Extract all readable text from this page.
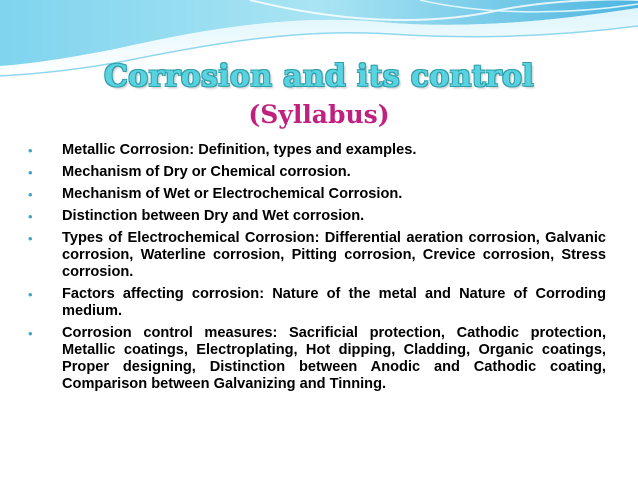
Corrosion and its control
(Syllabus)
• Metallic Corrosion: Definition, types and examples.
• Mechanism of Dry or Chemical corrosion.
• Mechanism of Wet or Electrochemical Corrosion.
• Distinction between Dry and Wet corrosion.
• Types of Electrochemical Corrosion: Differential aeration corrosion, Galvanic corrosion, Waterline corrosion, Pitting corrosion, Crevice corrosion, Stress corrosion.
• Factors affecting corrosion: Nature of the metal and Nature of Corroding medium.
• Corrosion control measures: Sacrificial protection, Cathodic protection, Metallic coatings, Electroplating, Hot dipping, Cladding, Organic coatings, Proper designing, Distinction between Anodic and Cathodic coating, Comparison between Galvanizing and Tinning.
